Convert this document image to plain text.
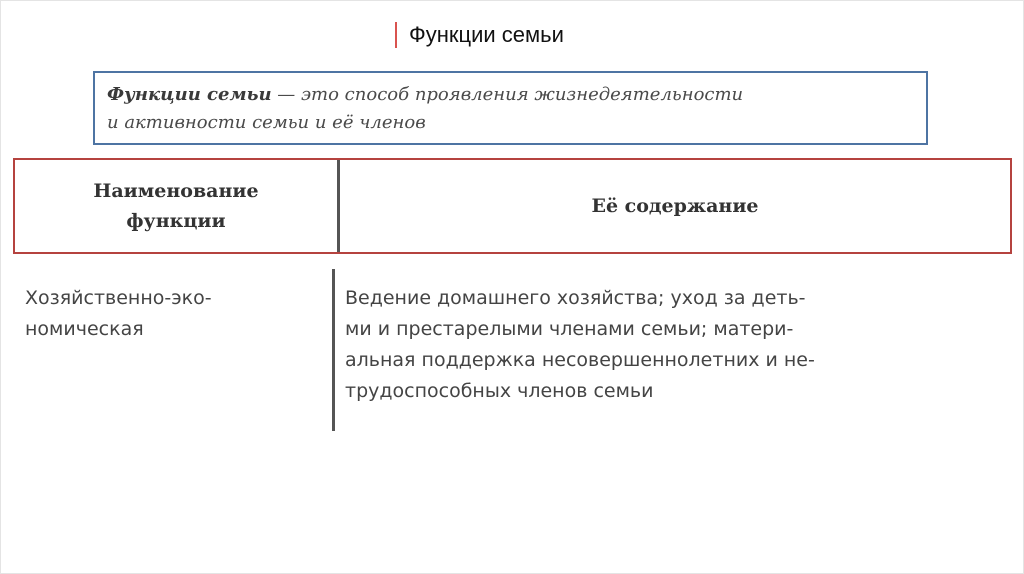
Функции семьи
Функции семьи — это способ проявления жизнедеятельности
и активности семьи и её членов
Наименование
функции
Её содержание
Хозяйственно-эко-
номическая
Ведение домашнего хозяйства; уход за деть-
ми и престарелыми членами семьи; матери-
альная поддержка несовершеннолетних и не-
трудоспособных членов семьи
